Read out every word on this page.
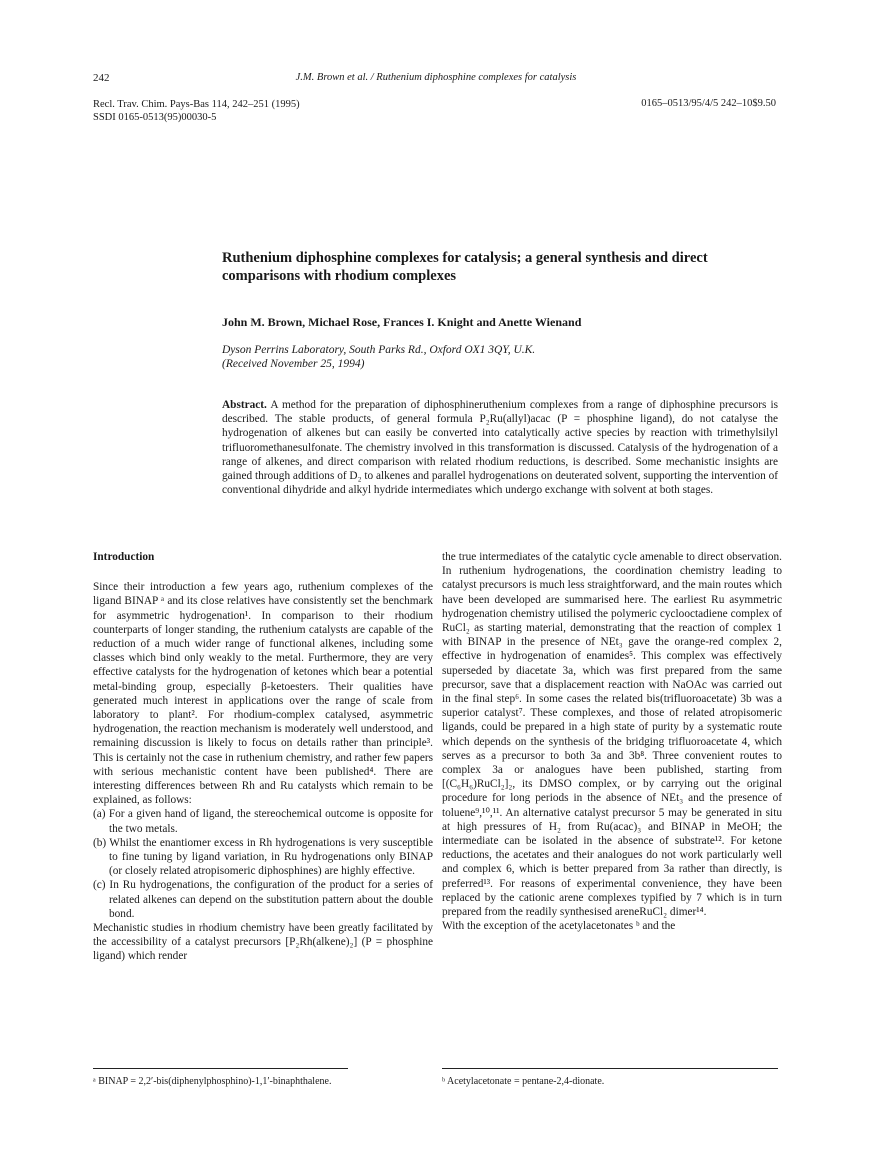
242	J.M. Brown et al. / Ruthenium diphosphine complexes for catalysis
Recl. Trav. Chim. Pays-Bas 114, 242–251 (1995)
SSDI 0165-0513(95)00030-5
0165–0513/95/4/5 242–10$9.50
Ruthenium diphosphine complexes for catalysis; a general synthesis and direct comparisons with rhodium complexes
John M. Brown, Michael Rose, Frances I. Knight and Anette Wienand
Dyson Perrins Laboratory, South Parks Rd., Oxford OX1 3QY, U.K.
(Received November 25, 1994)
Abstract. A method for the preparation of diphosphineruthenium complexes from a range of diphosphine precursors is described. The stable products, of general formula P₂Ru(allyl)acac (P = phosphine ligand), do not catalyse the hydrogenation of alkenes but can easily be converted into catalytically active species by reaction with trimethylsilyl trifluoromethanesulfonate. The chemistry involved in this transformation is discussed. Catalysis of the hydrogenation of a range of alkenes, and direct comparison with related rhodium reductions, is described. Some mechanistic insights are gained through additions of D₂ to alkenes and parallel hydrogenations on deuterated solvent, supporting the intervention of conventional dihydride and alkyl hydride intermediates which undergo exchange with solvent at both stages.

Introduction

Since their introduction a few years ago, ruthenium complexes of the ligand BINAP ᵃ and its close relatives have consistently set the benchmark for asymmetric hydrogenation¹. In comparison to their rhodium counterparts of longer standing, the ruthenium catalysts are capable of the reduction of a much wider range of functional alkenes, including some classes which bind only weakly to the metal. Furthermore, they are very effective catalysts for the hydrogenation of ketones which bear a potential metal-binding group, especially β-ketoesters. Their qualities have generated much interest in applications over the range of scale from laboratory to plant². For rhodium-complex catalysed, asymmetric hydrogenation, the reaction mechanism is moderately well understood, and remaining discussion is likely to focus on details rather than principle³. This is certainly not the case in ruthenium chemistry, and rather few papers with serious mechanistic content have been published⁴. There are interesting differences between Rh and Ru catalysts which remain to be explained, as follows:

(a) For a given hand of ligand, the stereochemical outcome is opposite for the two metals.

(b) Whilst the enantiomer excess in Rh hydrogenations is very susceptible to fine tuning by ligand variation, in Ru hydrogenations only BINAP (or closely related atropisomeric diphosphines) are highly effective.

(c) In Ru hydrogenations, the configuration of the product for a series of related alkenes can depend on the substitution pattern about the double bond.

Mechanistic studies in rhodium chemistry have been greatly facilitated by the accessibility of a catalyst precursors [P₂Rh(alkene)₂] (P = phosphine ligand) which render

the true intermediates of the catalytic cycle amenable to direct observation. In ruthenium hydrogenations, the coordination chemistry leading to catalyst precursors is much less straightforward, and the main routes which have been developed are summarised here. The earliest Ru asymmetric hydrogenation chemistry utilised the polymeric cyclooctadiene complex of RuCl₂ as starting material, demonstrating that the reaction of complex 1 with BINAP in the presence of NEt₃ gave the orange-red complex 2, effective in hydrogenation of enamides⁵. This complex was effectively superseded by diacetate 3a, which was first prepared from the same precursor, save that a displacement reaction with NaOAc was carried out in the final step⁶. In some cases the related bis(trifluoroacetate) 3b was a superior catalyst⁷. These complexes, and those of related atropisomeric ligands, could be prepared in a high state of purity by a systematic route which depends on the synthesis of the bridging trifluoroacetate 4, which serves as a precursor to both 3a and 3b⁸. Three convenient routes to complex 3a or analogues have been published, starting from [(C₆H₆)RuCl₂]₂, its DMSO complex, or by carrying out the original procedure for long periods in the absence of NEt₃ and the presence of toluene⁹,¹⁰,¹¹. An alternative catalyst precursor 5 may be generated in situ at high pressures of H₂ from Ru(acac)₃ and BINAP in MeOH; the intermediate can be isolated in the absence of substrate¹². For ketone reductions, the acetates and their analogues do not work particularly well and complex 6, which is better prepared from 3a rather than directly, is preferred¹³. For reasons of experimental convenience, they have been replaced by the cationic arene complexes typified by 7 which is in turn prepared from the readily synthesised areneRuCl₂ dimer¹⁴.

With the exception of the acetylacetonates ᵇ and the

ᵃ BINAP = 2,2′-bis(diphenylphosphino)-1,1′-binaphthalene.	ᵇ Acetylacetonate = pentane-2,4-dionate.
